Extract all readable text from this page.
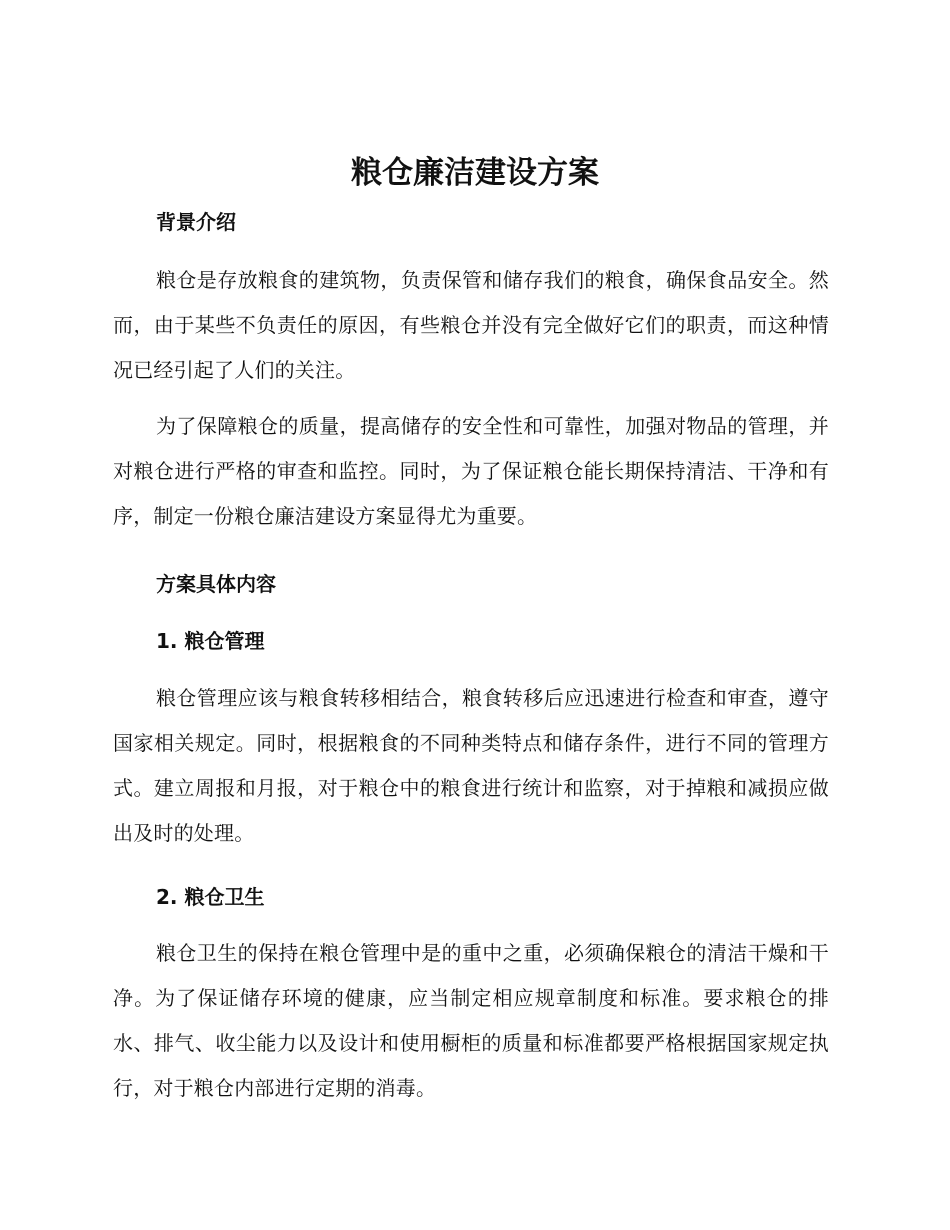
粮仓廉洁建设方案
背景介绍

粮仓是存放粮食的建筑物，负责保管和储存我们的粮食，确保食品安全。然而，由于某些不负责任的原因，有些粮仓并没有完全做好它们的职责，而这种情况已经引起了人们的关注。

为了保障粮仓的质量，提高储存的安全性和可靠性，加强对物品的管理，并对粮仓进行严格的审查和监控。同时，为了保证粮仓能长期保持清洁、干净和有序，制定一份粮仓廉洁建设方案显得尤为重要。

方案具体内容
1. 粮仓管理

粮仓管理应该与粮食转移相结合，粮食转移后应迅速进行检查和审查，遵守国家相关规定。同时，根据粮食的不同种类特点和储存条件，进行不同的管理方式。建立周报和月报，对于粮仓中的粮食进行统计和监察，对于掉粮和减损应做出及时的处理。

2. 粮仓卫生

粮仓卫生的保持在粮仓管理中是的重中之重，必须确保粮仓的清洁干燥和干净。为了保证储存环境的健康，应当制定相应规章制度和标准。要求粮仓的排水、排气、收尘能力以及设计和使用橱柜的质量和标准都要严格根据国家规定执行，对于粮仓内部进行定期的消毒。
